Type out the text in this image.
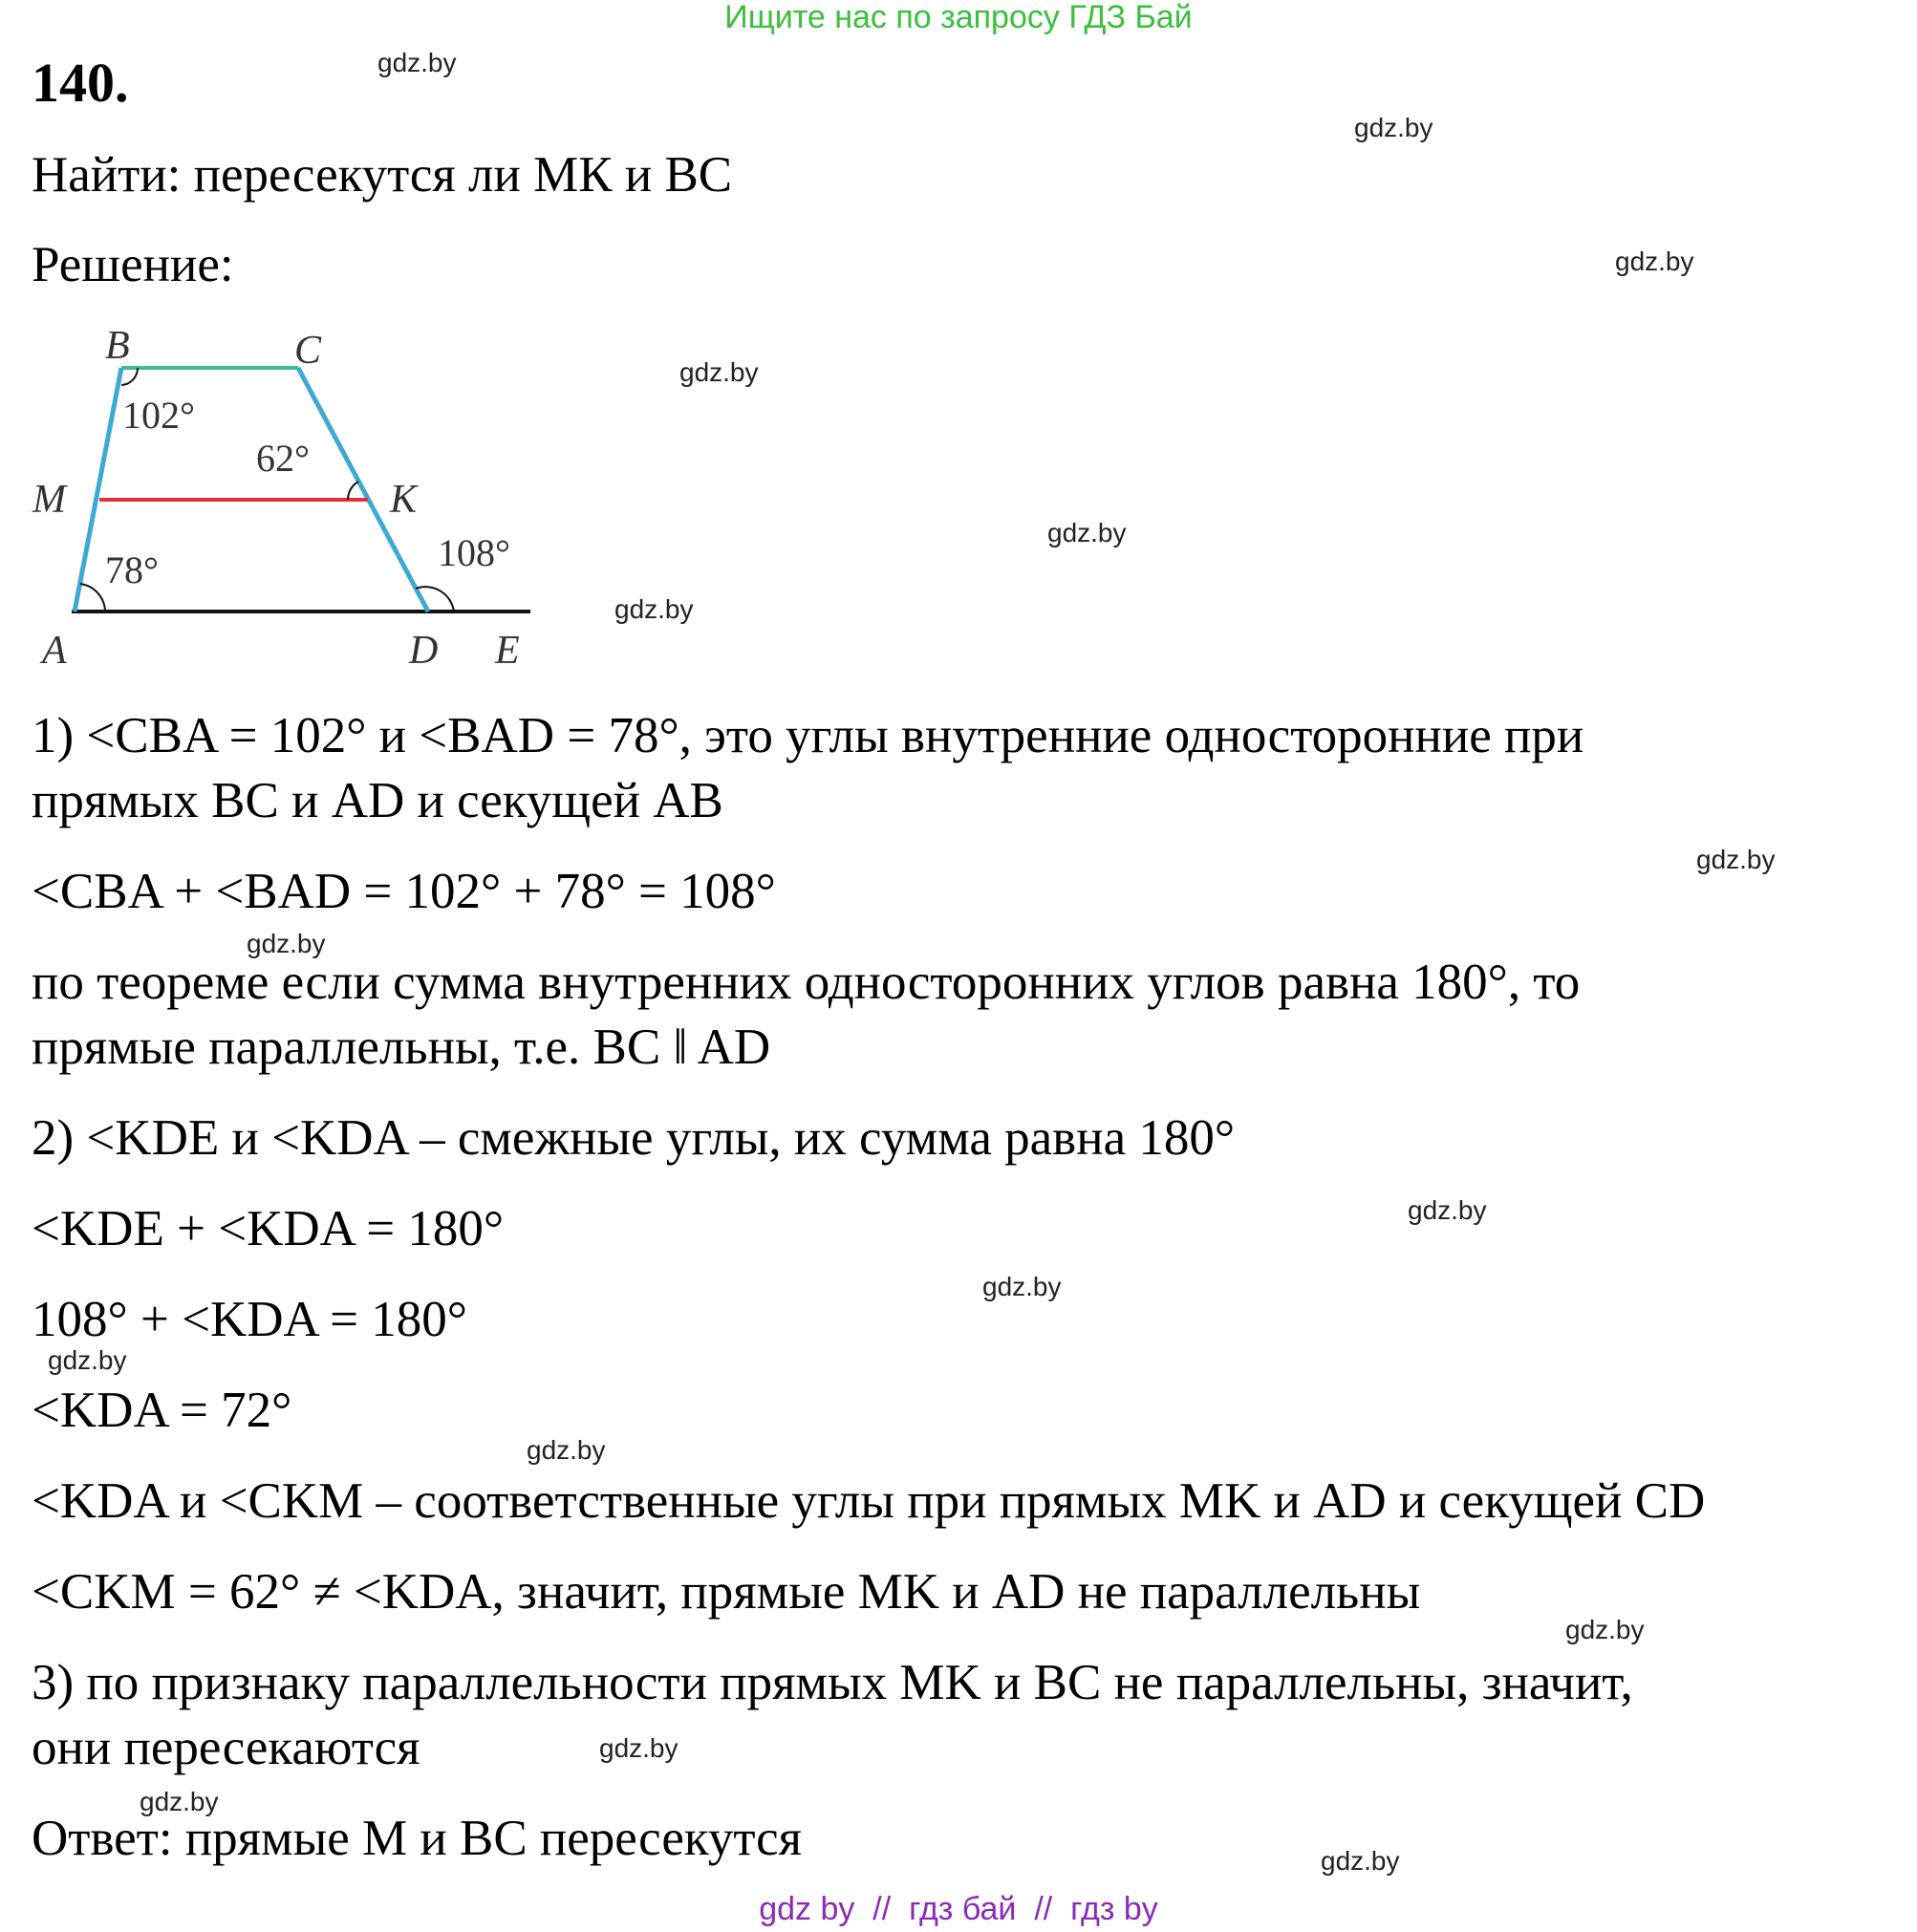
Ищите нас по запросу ГДЗ Бай
140.
Найти: пересекутся ли МК и ВС
Решение:
B	C
M	K
A	D E
102°
62°
78°	108°
1) <CBA = 102° и <BAD = 78°, это углы внутренние односторонние при
прямых BC и AD и секущей AB
<CBA + <BAD = 102° + 78° = 108°
по теореме если сумма внутренних односторонних углов равна 180°, то
прямые параллельны, т.е. BC ǁ AD
2) <KDE и <KDA – смежные углы, их сумма равна 180°
<KDE + <KDA = 180°
108° + <KDA = 180°
<KDA = 72°
<KDA и <CKM – соответственные углы при прямых MK и AD и секущей CD
<CKM = 62° ≠ <KDA, значит, прямые MK и AD не параллельны
3) по признаку параллельности прямых MK и BC не параллельны, значит,
они пересекаются
Ответ: прямые M и BC пересекутся
gdz.by
gdz.by
gdz.by
gdz.by
gdz.by
gdz.by
gdz.by
gdz.by
gdz.by
gdz.by
gdz.by
gdz.by
gdz.by
gdz.by
gdz.by
gdz.by
gdz by  //  гдз бай  //  гдз by
